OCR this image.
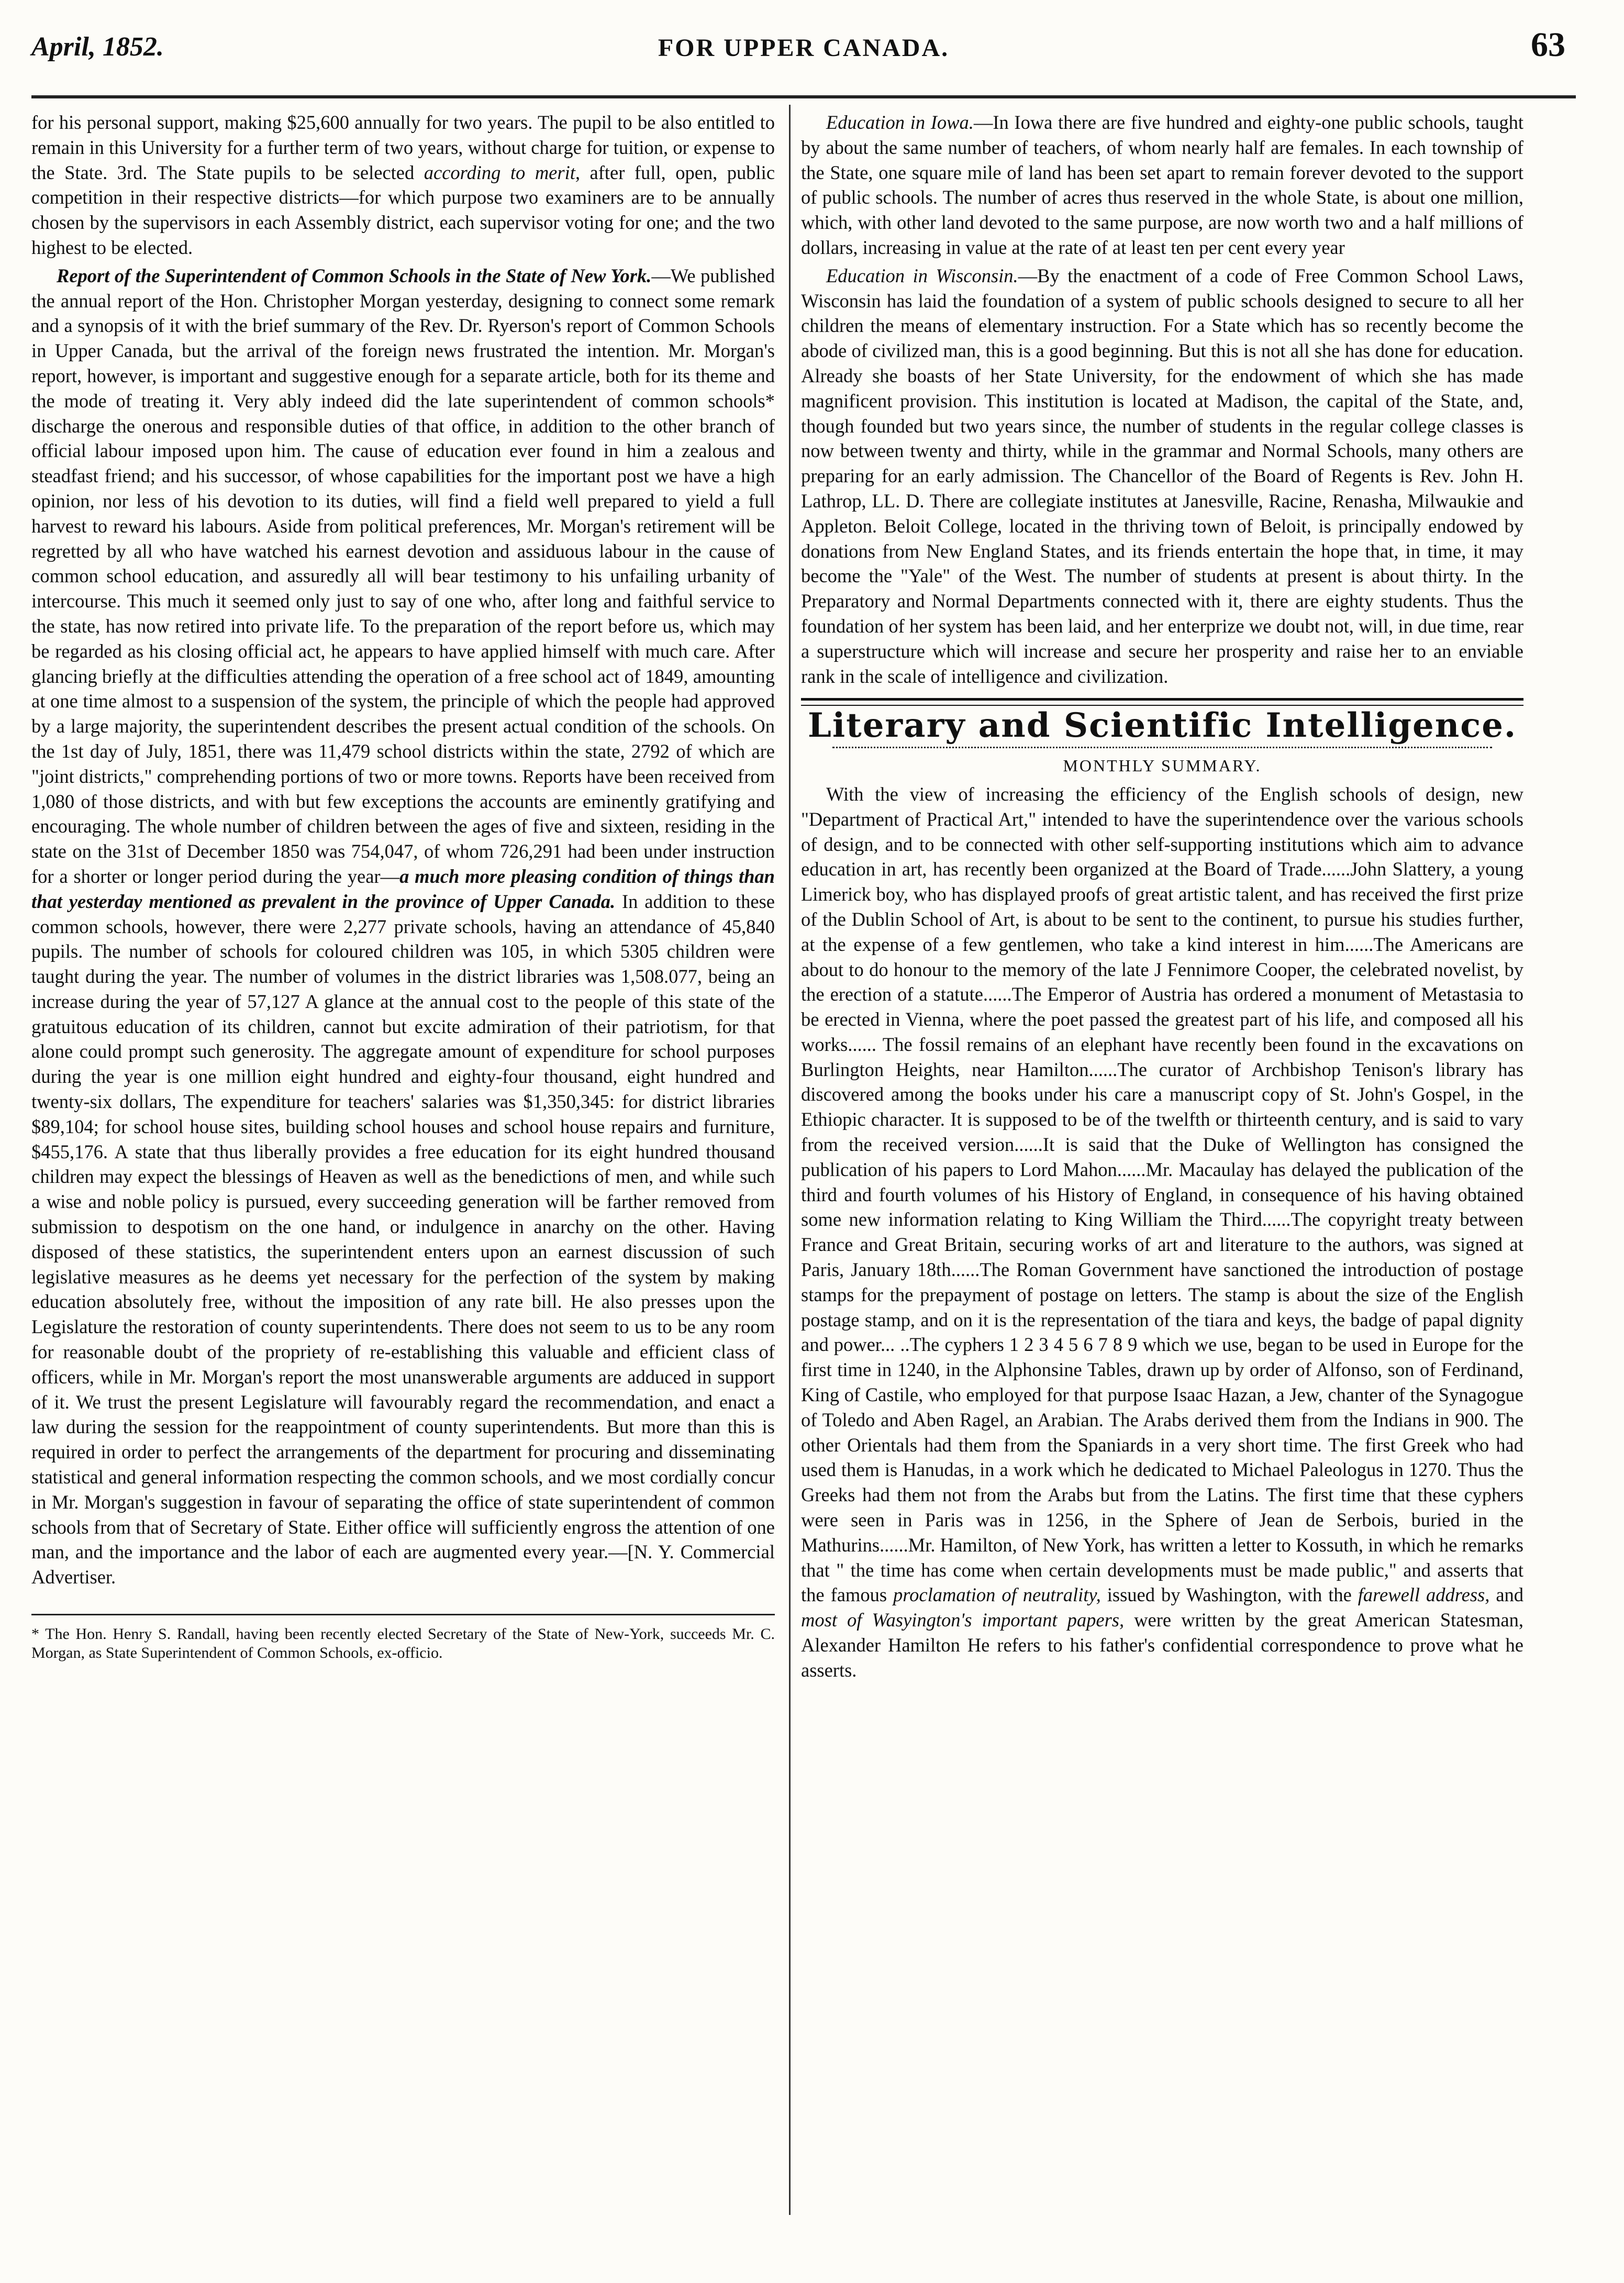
April, 1852.	FOR UPPER CANADA.	63

for his personal support, making $25,600 annually for two years. The pupil to be also entitled to remain in this University for a further term of two years, without charge for tuition, or expense to the State. 3rd. The State pupils to be selected according to merit, after full, open, public competition in their respective districts—for which purpose two examiners are to be annually chosen by the supervisors in each Assembly district, each supervisor voting for one; and the two highest to be elected.

Report of the Superintendent of Common Schools in the State of New York.—We published the annual report of the Hon. Christopher Morgan yesterday, designing to connect some remark and a synopsis of it with the brief summary of the Rev. Dr. Ryerson's report of Common Schools in Upper Canada, but the arrival of the foreign news frustrated the intention. Mr. Morgan's report, however, is important and suggestive enough for a separate article, both for its theme and the mode of treating it. Very ably indeed did the late superintendent of common schools* discharge the onerous and responsible duties of that office, in addition to the other branch of official labour imposed upon him. The cause of education ever found in him a zealous and steadfast friend; and his successor, of whose capabilities for the important post we have a high opinion, nor less of his devotion to its duties, will find a field well prepared to yield a full harvest to reward his labours. Aside from political preferences, Mr. Morgan's retirement will be regretted by all who have watched his earnest devotion and assiduous labour in the cause of common school education, and assuredly all will bear testimony to his unfailing urbanity of intercourse. This much it seemed only just to say of one who, after long and faithful service to the state, has now retired into private life. To the preparation of the report before us, which may be regarded as his closing official act, he appears to have applied himself with much care. After glancing briefly at the difficulties attending the operation of a free school act of 1849, amounting at one time almost to a suspension of the system, the principle of which the people had approved by a large majority, the superintendent describes the present actual condition of the schools. On the 1st day of July, 1851, there was 11,479 school districts within the state, 2792 of which are "joint districts," comprehending portions of two or more towns. Reports have been received from 1,080 of those districts, and with but few exceptions the accounts are eminently gratifying and encouraging. The whole number of children between the ages of five and sixteen, residing in the state on the 31st of December 1850 was 754,047, of whom 726,291 had been under instruction for a shorter or longer period during the year—a much more pleasing condition of things than that yesterday mentioned as prevalent in the province of Upper Canada. In addition to these common schools, however, there were 2,277 private schools, having an attendance of 45,840 pupils. The number of schools for coloured children was 105, in which 5305 children were taught during the year. The number of volumes in the district libraries was 1,508.077, being an increase during the year of 57,127 A glance at the annual cost to the people of this state of the gratuitous education of its children, cannot but excite admiration of their patriotism, for that alone could prompt such generosity. The aggregate amount of expenditure for school purposes during the year is one million eight hundred and eighty-four thousand, eight hundred and twenty-six dollars, The expenditure for teachers' salaries was $1,350,345: for district libraries $89,104; for school house sites, building school houses and school house repairs and furniture, $455,176. A state that thus liberally provides a free education for its eight hundred thousand children may expect the blessings of Heaven as well as the benedictions of men, and while such a wise and noble policy is pursued, every succeeding generation will be farther removed from submission to despotism on the one hand, or indulgence in anarchy on the other. Having disposed of these statistics, the superintendent enters upon an earnest discussion of such legislative measures as he deems yet necessary for the perfection of the system by making education absolutely free, without the imposition of any rate bill. He also presses upon the Legislature the restoration of county superintendents. There does not seem to us to be any room for reasonable doubt of the propriety of re-establishing this valuable and efficient class of officers, while in Mr. Morgan's report the most unanswerable arguments are adduced in support of it. We trust the present Legislature will favourably regard the recommendation, and enact a law during the session for the reappointment of county superintendents. But more than this is required in order to perfect the arrangements of the department for procuring and disseminating statistical and general information respecting the common schools, and we most cordially concur in Mr. Morgan's suggestion in favour of separating the office of state superintendent of common schools from that of Secretary of State. Either office will sufficiently engross the attention of one man, and the importance and the labor of each are augmented every year.—[N. Y. Commercial Advertiser.

* The Hon. Henry S. Randall, having been recently elected Secretary of the State of New-York, succeeds Mr. C. Morgan, as State Superintendent of Common Schools, ex-officio.

Education in Iowa.—In Iowa there are five hundred and eighty-one public schools, taught by about the same number of teachers, of whom nearly half are females. In each township of the State, one square mile of land has been set apart to remain forever devoted to the support of public schools. The number of acres thus reserved in the whole State, is about one million, which, with other land devoted to the same purpose, are now worth two and a half millions of dollars, increasing in value at the rate of at least ten per cent every year

Education in Wisconsin.—By the enactment of a code of Free Common School Laws, Wisconsin has laid the foundation of a system of public schools designed to secure to all her children the means of elementary instruction. For a State which has so recently become the abode of civilized man, this is a good beginning. But this is not all she has done for education. Already she boasts of her State University, for the endowment of which she has made magnificent provision. This institution is located at Madison, the capital of the State, and, though founded but two years since, the number of students in the regular college classes is now between twenty and thirty, while in the grammar and Normal Schools, many others are preparing for an early admission. The Chancellor of the Board of Regents is Rev. John H. Lathrop, LL. D. There are collegiate institutes at Janesville, Racine, Renasha, Milwaukie and Appleton. Beloit College, located in the thriving town of Beloit, is principally endowed by donations from New England States, and its friends entertain the hope that, in time, it may become the "Yale" of the West. The number of students at present is about thirty. In the Preparatory and Normal Departments connected with it, there are eighty students. Thus the foundation of her system has been laid, and her enterprize we doubt not, will, in due time, rear a superstructure which will increase and secure her prosperity and raise her to an enviable rank in the scale of intelligence and civilization.

Literary and Scientific Intelligence.
MONTHLY SUMMARY.

With the view of increasing the efficiency of the English schools of design, new "Department of Practical Art," intended to have the superintendence over the various schools of design, and to be connected with other self-supporting institutions which aim to advance education in art, has recently been organized at the Board of Trade......John Slattery, a young Limerick boy, who has displayed proofs of great artistic talent, and has received the first prize of the Dublin School of Art, is about to be sent to the continent, to pursue his studies further, at the expense of a few gentlemen, who take a kind interest in him......The Americans are about to do honour to the memory of the late J Fennimore Cooper, the celebrated novelist, by the erection of a statute......The Emperor of Austria has ordered a monument of Metastasia to be erected in Vienna, where the poet passed the greatest part of his life, and composed all his works...... The fossil remains of an elephant have recently been found in the excavations on Burlington Heights, near Hamilton......The curator of Archbishop Tenison's library has discovered among the books under his care a manuscript copy of St. John's Gospel, in the Ethiopic character. It is supposed to be of the twelfth or thirteenth century, and is said to vary from the received version......It is said that the Duke of Wellington has consigned the publication of his papers to Lord Mahon......Mr. Macaulay has delayed the publication of the third and fourth volumes of his History of England, in consequence of his having obtained some new information relating to King William the Third......The copyright treaty between France and Great Britain, securing works of art and literature to the authors, was signed at Paris, January 18th......The Roman Government have sanctioned the introduction of postage stamps for the prepayment of postage on letters. The stamp is about the size of the English postage stamp, and on it is the representation of the tiara and keys, the badge of papal dignity and power... ..The cyphers 1 2 3 4 5 6 7 8 9 which we use, began to be used in Europe for the first time in 1240, in the Alphonsine Tables, drawn up by order of Alfonso, son of Ferdinand, King of Castile, who employed for that purpose Isaac Hazan, a Jew, chanter of the Synagogue of Toledo and Aben Ragel, an Arabian. The Arabs derived them from the Indians in 900. The other Orientals had them from the Spaniards in a very short time. The first Greek who had used them is Hanudas, in a work which he dedicated to Michael Paleologus in 1270. Thus the Greeks had them not from the Arabs but from the Latins. The first time that these cyphers were seen in Paris was in 1256, in the Sphere of Jean de Serbois, buried in the Mathurins......Mr. Hamilton, of New York, has written a letter to Kossuth, in which he remarks that " the time has come when certain developments must be made public," and asserts that the famous proclamation of neutrality, issued by Washington, with the farewell address, and most of Wasyington's important papers, were written by the great American Statesman, Alexander Hamilton He refers to his father's confidential correspondence to prove what he asserts.
